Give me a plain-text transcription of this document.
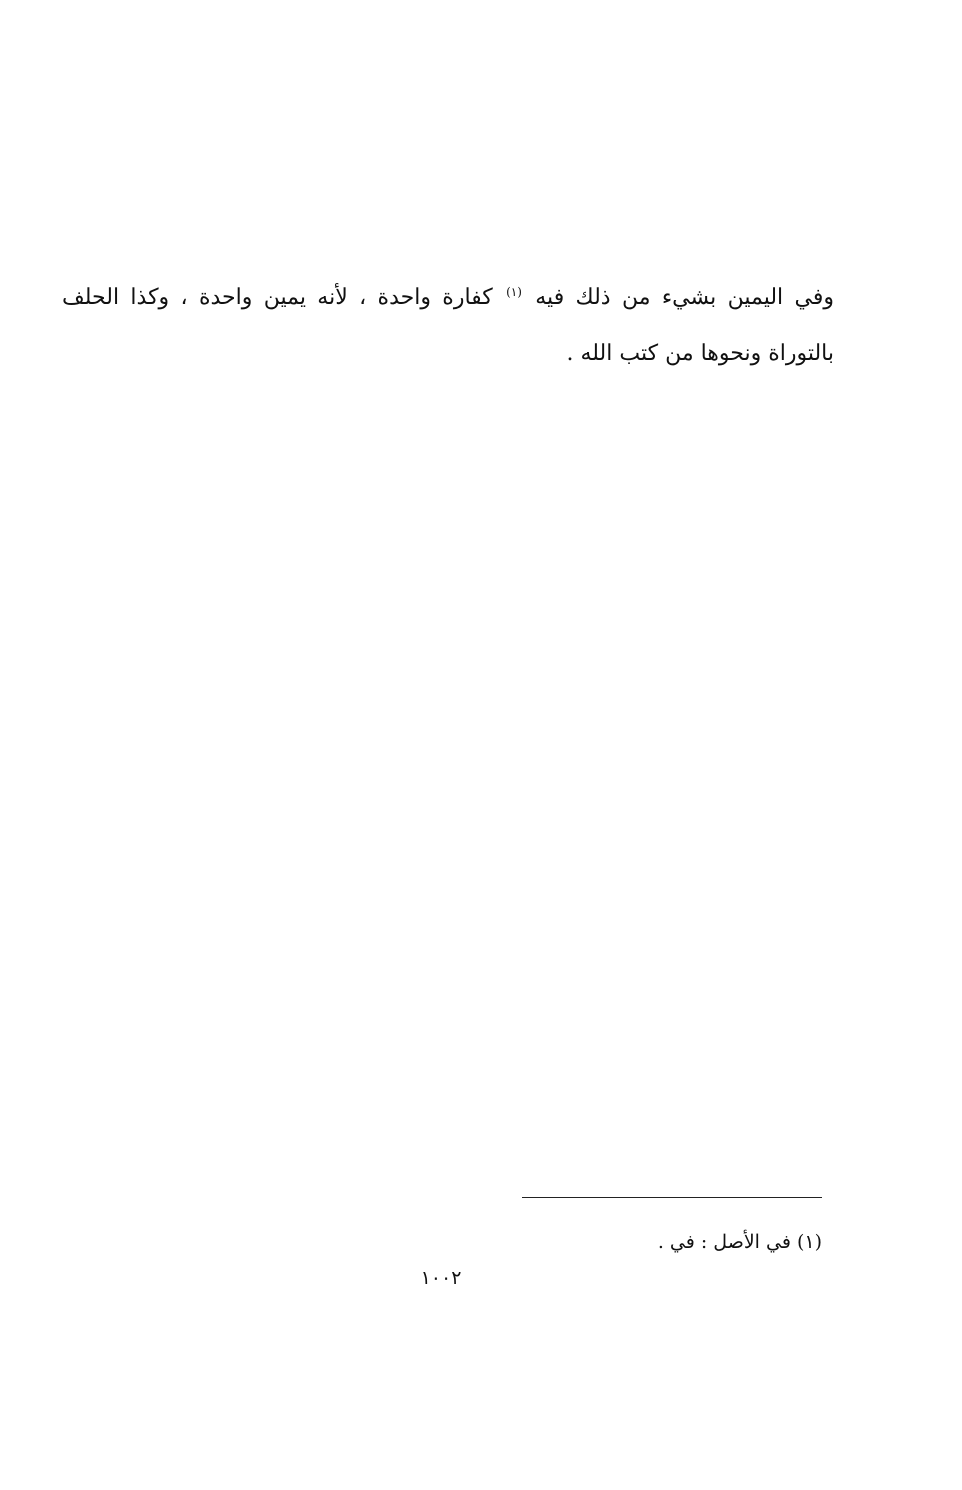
وفي اليمين بشيء من ذلك فيه $^{(١)}$ كفارة واحدة ، لأنه يمين واحدة ، وكذا الحلف
بالتوراة ونحوها من كتب الله .

(١) في الأصل : في .
١٠٠٢
